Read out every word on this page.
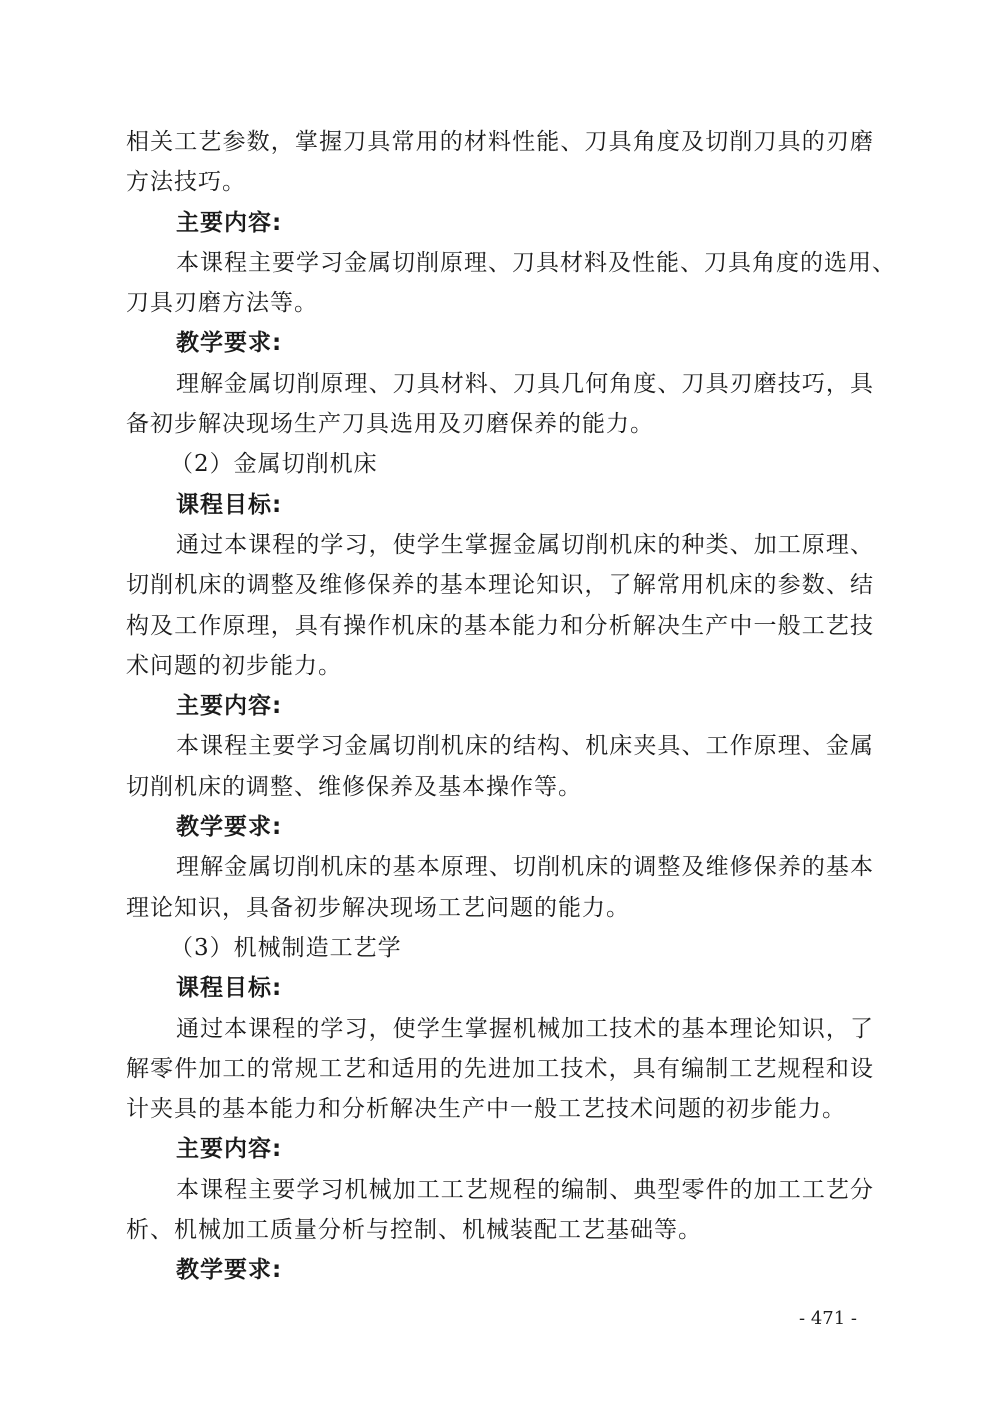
相关工艺参数，掌握刀具常用的材料性能、刀具角度及切削刀具的刃磨
方法技巧。
主要内容:
本课程主要学习金属切削原理、刀具材料及性能、刀具角度的选用、
刀具刃磨方法等。
教学要求:
理解金属切削原理、刀具材料、刀具几何角度、刀具刃磨技巧，具
备初步解决现场生产刀具选用及刃磨保养的能力。
（2）金属切削机床
课程目标:
通过本课程的学习，使学生掌握金属切削机床的种类、加工原理、
切削机床的调整及维修保养的基本理论知识，了解常用机床的参数、结
构及工作原理，具有操作机床的基本能力和分析解决生产中一般工艺技
术问题的初步能力。
主要内容:
本课程主要学习金属切削机床的结构、机床夹具、工作原理、金属
切削机床的调整、维修保养及基本操作等。
教学要求:
理解金属切削机床的基本原理、切削机床的调整及维修保养的基本
理论知识，具备初步解决现场工艺问题的能力。
（3）机械制造工艺学
课程目标:
通过本课程的学习，使学生掌握机械加工技术的基本理论知识，了
解零件加工的常规工艺和适用的先进加工技术，具有编制工艺规程和设
计夹具的基本能力和分析解决生产中一般工艺技术问题的初步能力。
主要内容:
本课程主要学习机械加工工艺规程的编制、典型零件的加工工艺分
析、机械加工质量分析与控制、机械装配工艺基础等。
教学要求:
- 471 -
